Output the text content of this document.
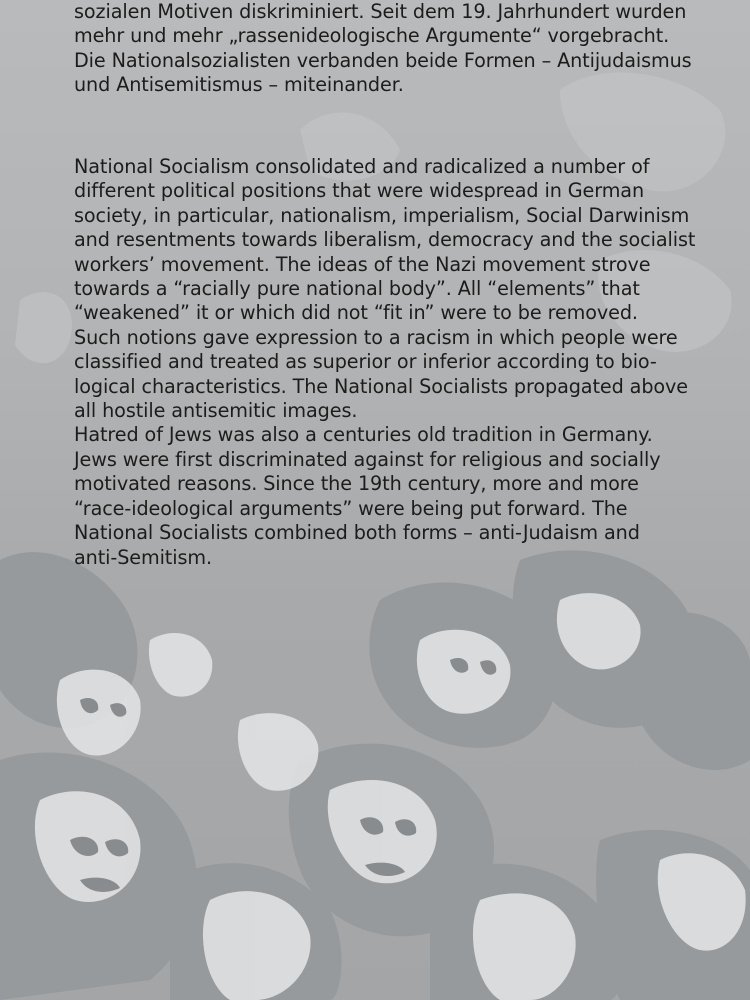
sozialen Motiven diskriminiert. Seit dem 19. Jahrhundert wurden
mehr und mehr „rassenideologische Argumente“ vorgebracht.
Die Nationalsozialisten verbanden beide Formen – Antijudaismus
und Antisemitismus – miteinander.

National Socialism consolidated and radicalized a number of
different political positions that were widespread in German
society, in particular, nationalism, imperialism, Social Darwinism
and resentments towards liberalism, democracy and the socialist
workers’ movement. The ideas of the Nazi movement strove
towards a “racially pure national body”. All “elements” that
“weakened” it or which did not “fit in” were to be removed.
Such notions gave expression to a racism in which people were
classified and treated as superior or inferior according to bio-
logical characteristics. The National Socialists propagated above
all hostile antisemitic images.

Hatred of Jews was also a centuries old tradition in Germany.
Jews were first discriminated against for religious and socially
motivated reasons. Since the 19th century, more and more
“race-ideological arguments” were being put forward. The
National Socialists combined both forms – anti-Judaism and
anti-Semitism.
